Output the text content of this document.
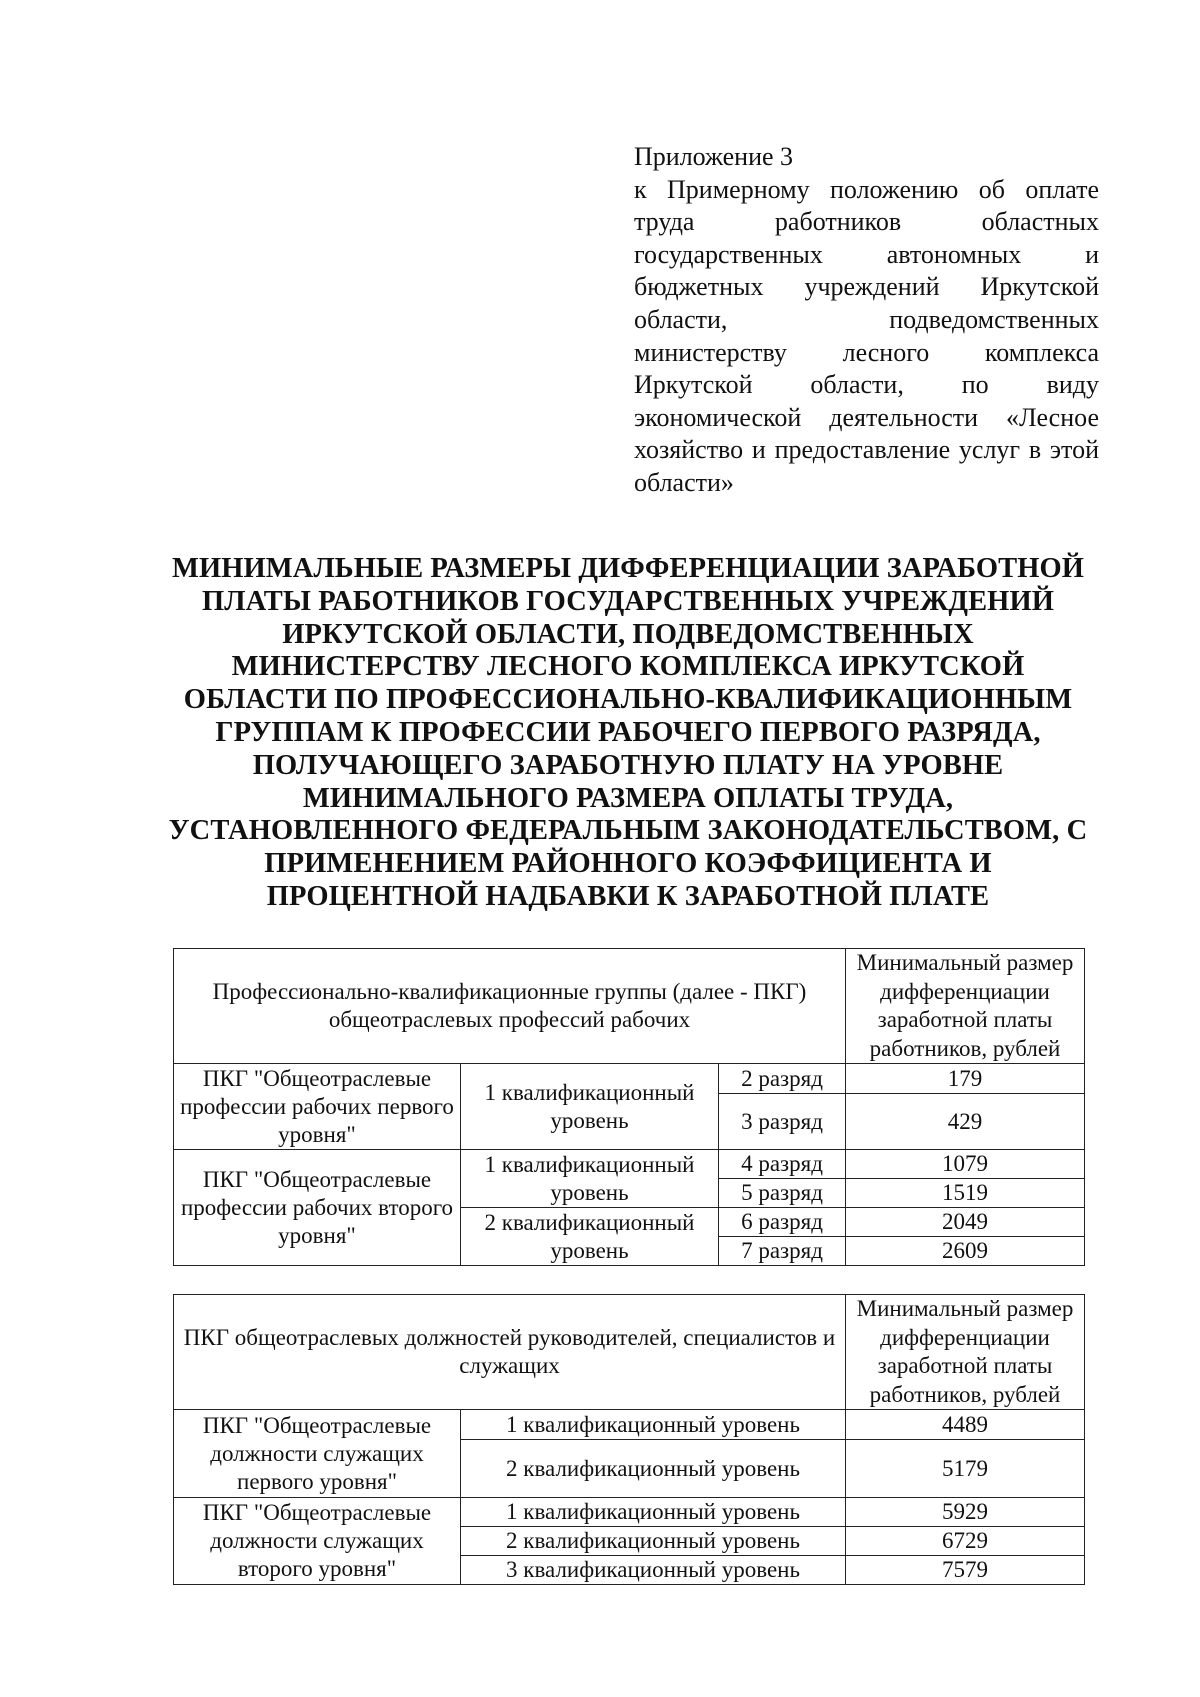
Приложение 3
к Примерному положению об оплате труда работников областных государственных автономных и бюджетных учреждений Иркутской области, подведомственных министерству лесного комплекса Иркутской области, по виду экономической деятельности «Лесное хозяйство и предоставление услуг в этой области»
МИНИМАЛЬНЫЕ РАЗМЕРЫ ДИФФЕРЕНЦИАЦИИ ЗАРАБОТНОЙ ПЛАТЫ РАБОТНИКОВ ГОСУДАРСТВЕННЫХ УЧРЕЖДЕНИЙ ИРКУТСКОЙ ОБЛАСТИ, ПОДВЕДОМСТВЕННЫХ МИНИСТЕРСТВУ ЛЕСНОГО КОМПЛЕКСА ИРКУТСКОЙ ОБЛАСТИ ПО ПРОФЕССИОНАЛЬНО-КВАЛИФИКАЦИОННЫМ ГРУППАМ К ПРОФЕССИИ РАБОЧЕГО ПЕРВОГО РАЗРЯДА, ПОЛУЧАЮЩЕГО ЗАРАБОТНУЮ ПЛАТУ НА УРОВНЕ МИНИМАЛЬНОГО РАЗМЕРА ОПЛАТЫ ТРУДА, УСТАНОВЛЕННОГО ФЕДЕРАЛЬНЫМ ЗАКОНОДАТЕЛЬСТВОМ, С ПРИМЕНЕНИЕМ РАЙОННОГО КОЭФФИЦИЕНТА И ПРОЦЕНТНОЙ НАДБАВКИ К ЗАРАБОТНОЙ ПЛАТЕ
Профессионально-квалификационные группы (далее - ПКГ) общеотраслевых профессий рабочих			Минимальный размер дифференциации заработной платы работников, рублей
ПКГ "Общеотраслевые профессии рабочих первого уровня"	1 квалификационный уровень	2 разряд	179
		3 разряд	429
ПКГ "Общеотраслевые профессии рабочих второго уровня"	1 квалификационный уровень	4 разряд	1079
		5 разряд	1519
	2 квалификационный уровень	6 разряд	2049
		7 разряд	2609
ПКГ общеотраслевых должностей руководителей, специалистов и служащих		Минимальный размер дифференциации заработной платы работников, рублей
ПКГ "Общеотраслевые должности служащих первого уровня"	1 квалификационный уровень	4489
	2 квалификационный уровень	5179
ПКГ "Общеотраслевые должности служащих второго уровня"	1 квалификационный уровень	5929
	2 квалификационный уровень	6729
	3 квалификационный уровень	7579
